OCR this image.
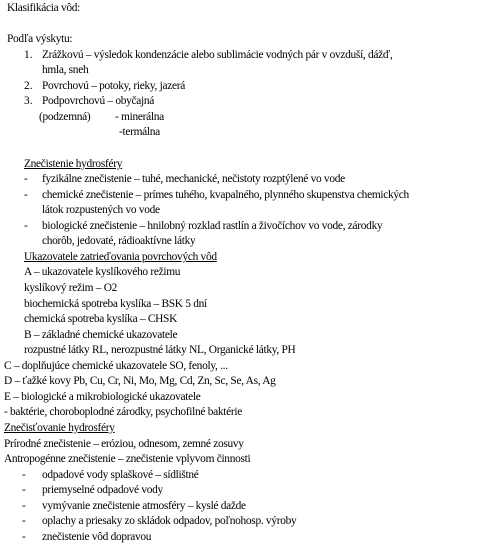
Klasifikácia vôd:
Podľa výskytu:
1. Zrážkovú – výsledok kondenzácie alebo sublimácie vodných pár v ovzduší, dážď,
hmla, sneh
2. Povrchovú – potoky, rieky, jazerá
3. Podpovrchovú – obyčajná
(podzemná) - minerálna
-termálna
Znečistenie hydrosféry
- fyzikálne znečistenie – tuhé, mechanické, nečistoty rozptýlené vo vode
- chemické znečistenie – prímes tuhého, kvapalného, plynného skupenstva chemických
látok rozpustených vo vode
- biologické znečistenie – hnilobný rozklad rastlín a živočíchov vo vode, zárodky
chorôb, jedovaté, rádioaktívne látky
Ukazovatele zatrieďovania povrchových vôd
A – ukazovatele kyslíkového režimu
kyslíkový režim – O2
biochemická spotreba kyslíka – BSK 5 dní
chemická spotreba kyslíka – CHSK
B – základné chemické ukazovatele
rozpustné látky RL, nerozpustné látky NL, Organické látky, PH
C – doplňujúce chemické ukazovatele SO, fenoly, ...
D – ťažké kovy Pb, Cu, Cr, Ni, Mo, Mg, Cd, Zn, Sc, Se, As, Ag
E – biologické a mikrobiologické ukazovatele
- baktérie, choroboplodné zárodky, psychofilné baktérie
Znečisťovanie hydrosféry
Prírodné znečistenie – eróziou, odnesom, zemné zosuvy
Antropogénne znečistenie – znečistenie vplyvom činnosti
- odpadové vody splaškové – sídlištné
- priemyselné odpadové vody
- vymývanie znečistenie atmosféry – kyslé dažde
- oplachy a priesaky zo skládok odpadov, poľnohosp. výroby
- znečistenie vôd dopravou
